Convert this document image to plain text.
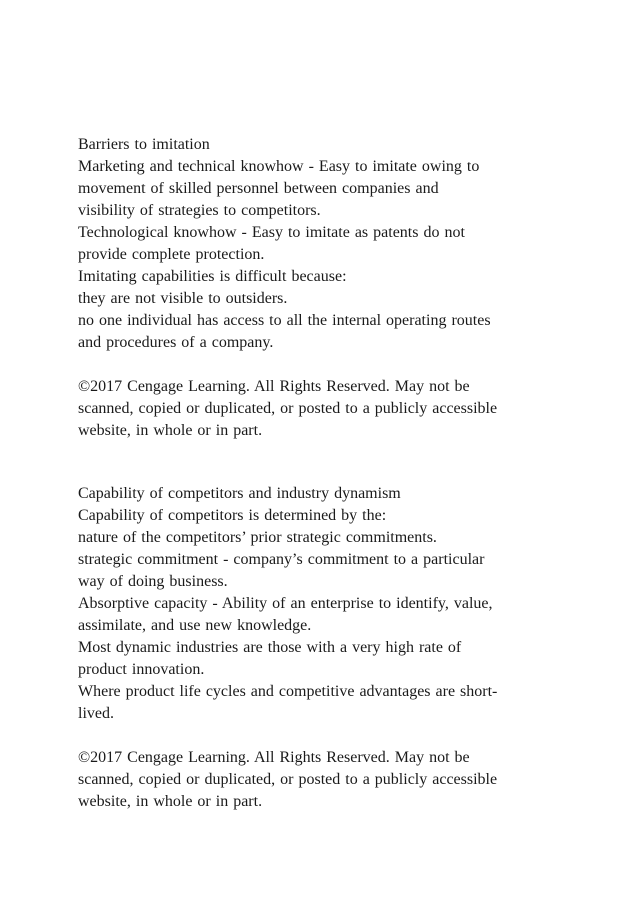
Barriers to imitation
Marketing and technical knowhow - Easy to imitate owing to
movement of skilled personnel between companies and
visibility of strategies to competitors.
Technological knowhow - Easy to imitate as patents do not
provide complete protection.
Imitating capabilities is difficult because:
they are not visible to outsiders.
no one individual has access to all the internal operating routes
and procedures of a company.
©2017 Cengage Learning. All Rights Reserved. May not be
scanned, copied or duplicated, or posted to a publicly accessible
website, in whole or in part.
Capability of competitors and industry dynamism
Capability of competitors is determined by the:
nature of the competitors’ prior strategic commitments.
strategic commitment - company’s commitment to a particular
way of doing business.
Absorptive capacity - Ability of an enterprise to identify, value,
assimilate, and use new knowledge.
Most dynamic industries are those with a very high rate of
product innovation.
Where product life cycles and competitive advantages are short-
lived.
©2017 Cengage Learning. All Rights Reserved. May not be
scanned, copied or duplicated, or posted to a publicly accessible
website, in whole or in part.
